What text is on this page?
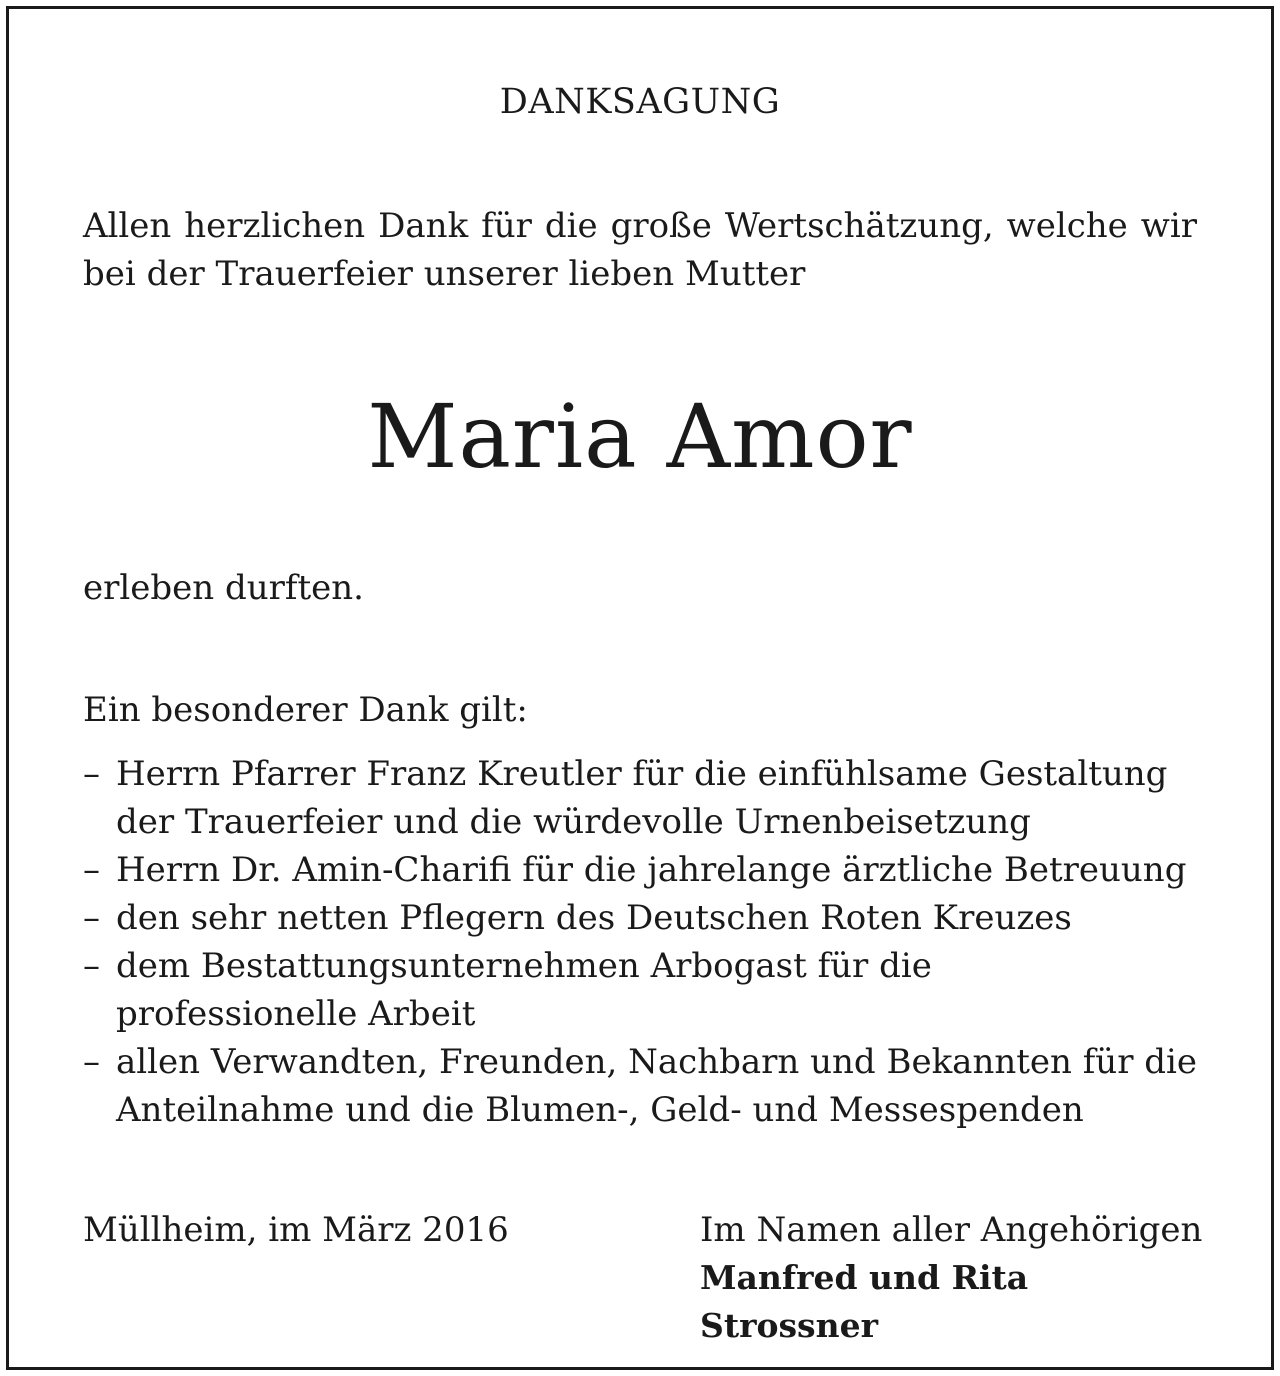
DANKSAGUNG
Allen herzlichen Dank für die große Wertschätzung, welche wir
bei der Trauerfeier unserer lieben Mutter
Maria Amor
erleben durften.
Ein besonderer Dank gilt:
– Herrn Pfarrer Franz Kreutler für die einfühlsame Gestaltung
der Trauerfeier und die würdevolle Urnenbeisetzung
– Herrn Dr. Amin-Charifi für die jahrelange ärztliche Betreuung
– den sehr netten Pflegern des Deutschen Roten Kreuzes
– dem Bestattungsunternehmen Arbogast für die
professionelle Arbeit
– allen Verwandten, Freunden, Nachbarn und Bekannten für die
Anteilnahme und die Blumen-, Geld- und Messespenden
Müllheim, im März 2016	Im Namen aller Angehörigen
Manfred und Rita Strossner
